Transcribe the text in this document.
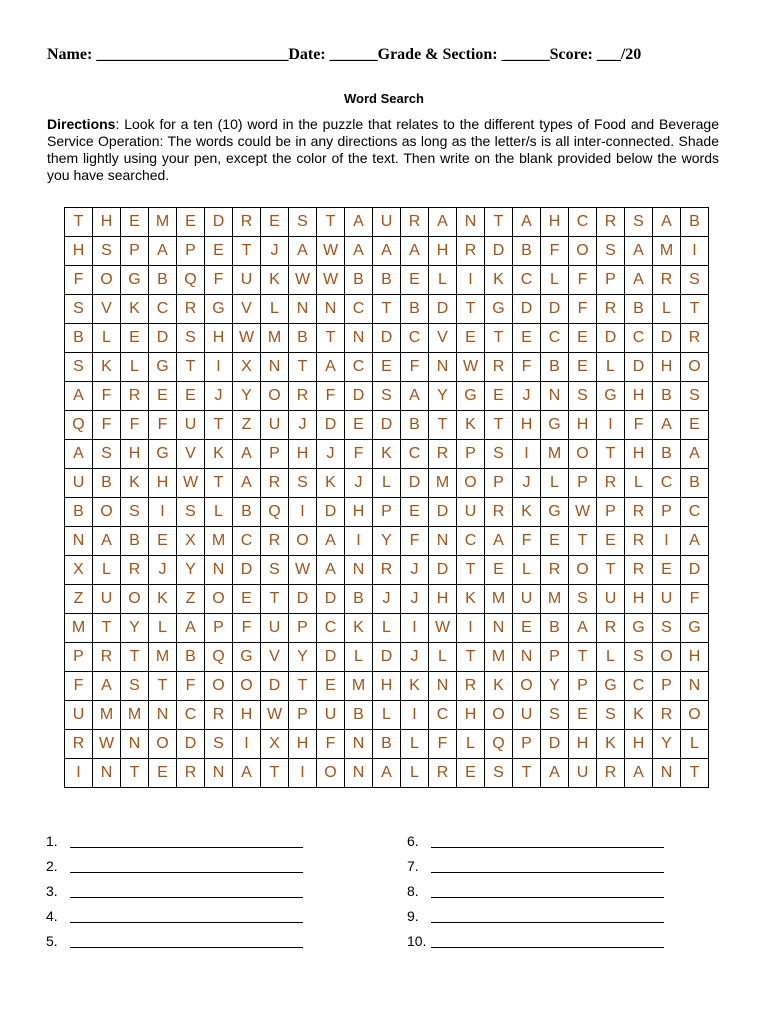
Name: ________________________Date: ______Grade & Section: ______Score: ___/20
Word Search
Directions: Look for a ten (10) word in the puzzle that relates to the different types of Food and Beverage Service Operation: The words could be in any directions as long as the letter/s is all inter-connected. Shade them lightly using your pen, except the color of the text. Then write on the blank provided below the words you have searched.
T	H	E	M	E	D	R	E	S	T	A	U	R	A	N	T	A	H	C	R	S	A	B
H	S	P	A	P	E	T	J	A	W	A	A	A	H	R	D	B	F	O	S	A	M	I
F	O	G	B	Q	F	U	K	W	W	B	B	E	L	I	K	C	L	F	P	A	R	S
S	V	K	C	R	G	V	L	N	N	C	T	B	D	T	G	D	D	F	R	B	L	T
B	L	E	D	S	H	W	M	B	T	N	D	C	V	E	T	E	C	E	D	C	D	R
S	K	L	G	T	I	X	N	T	A	C	E	F	N	W	R	F	B	E	L	D	H	O
A	F	R	E	E	J	Y	O	R	F	D	S	A	Y	G	E	J	N	S	G	H	B	S
Q	F	F	F	U	T	Z	U	J	D	E	D	B	T	K	T	H	G	H	I	F	A	E
A	S	H	G	V	K	A	P	H	J	F	K	C	R	P	S	I	M	O	T	H	B	A
U	B	K	H	W	T	A	R	S	K	J	L	D	M	O	P	J	L	P	R	L	C	B
B	O	S	I	S	L	B	Q	I	D	H	P	E	D	U	R	K	G	W	P	R	P	C
N	A	B	E	X	M	C	R	O	A	I	Y	F	N	C	A	F	E	T	E	R	I	A
X	L	R	J	Y	N	D	S	W	A	N	R	J	D	T	E	L	R	O	T	R	E	D
Z	U	O	K	Z	O	E	T	D	D	B	J	J	H	K	M	U	M	S	U	H	U	F
M	T	Y	L	A	P	F	U	P	C	K	L	I	W	I	N	E	B	A	R	G	S	G
P	R	T	M	B	Q	G	V	Y	D	L	D	J	L	T	M	N	P	T	L	S	O	H
F	A	S	T	F	O	O	D	T	E	M	H	K	N	R	K	O	Y	P	G	C	P	N
U	M	M	N	C	R	H	W	P	U	B	L	I	C	H	O	U	S	E	S	K	R	O
R	W	N	O	D	S	I	X	H	F	N	B	L	F	L	Q	P	D	H	K	H	Y	L
I	N	T	E	R	N	A	T	I	O	N	A	L	R	E	S	T	A	U	R	A	N	T
1.
2.
3.
4.
5.
6.
7.
8.
9.
10.
